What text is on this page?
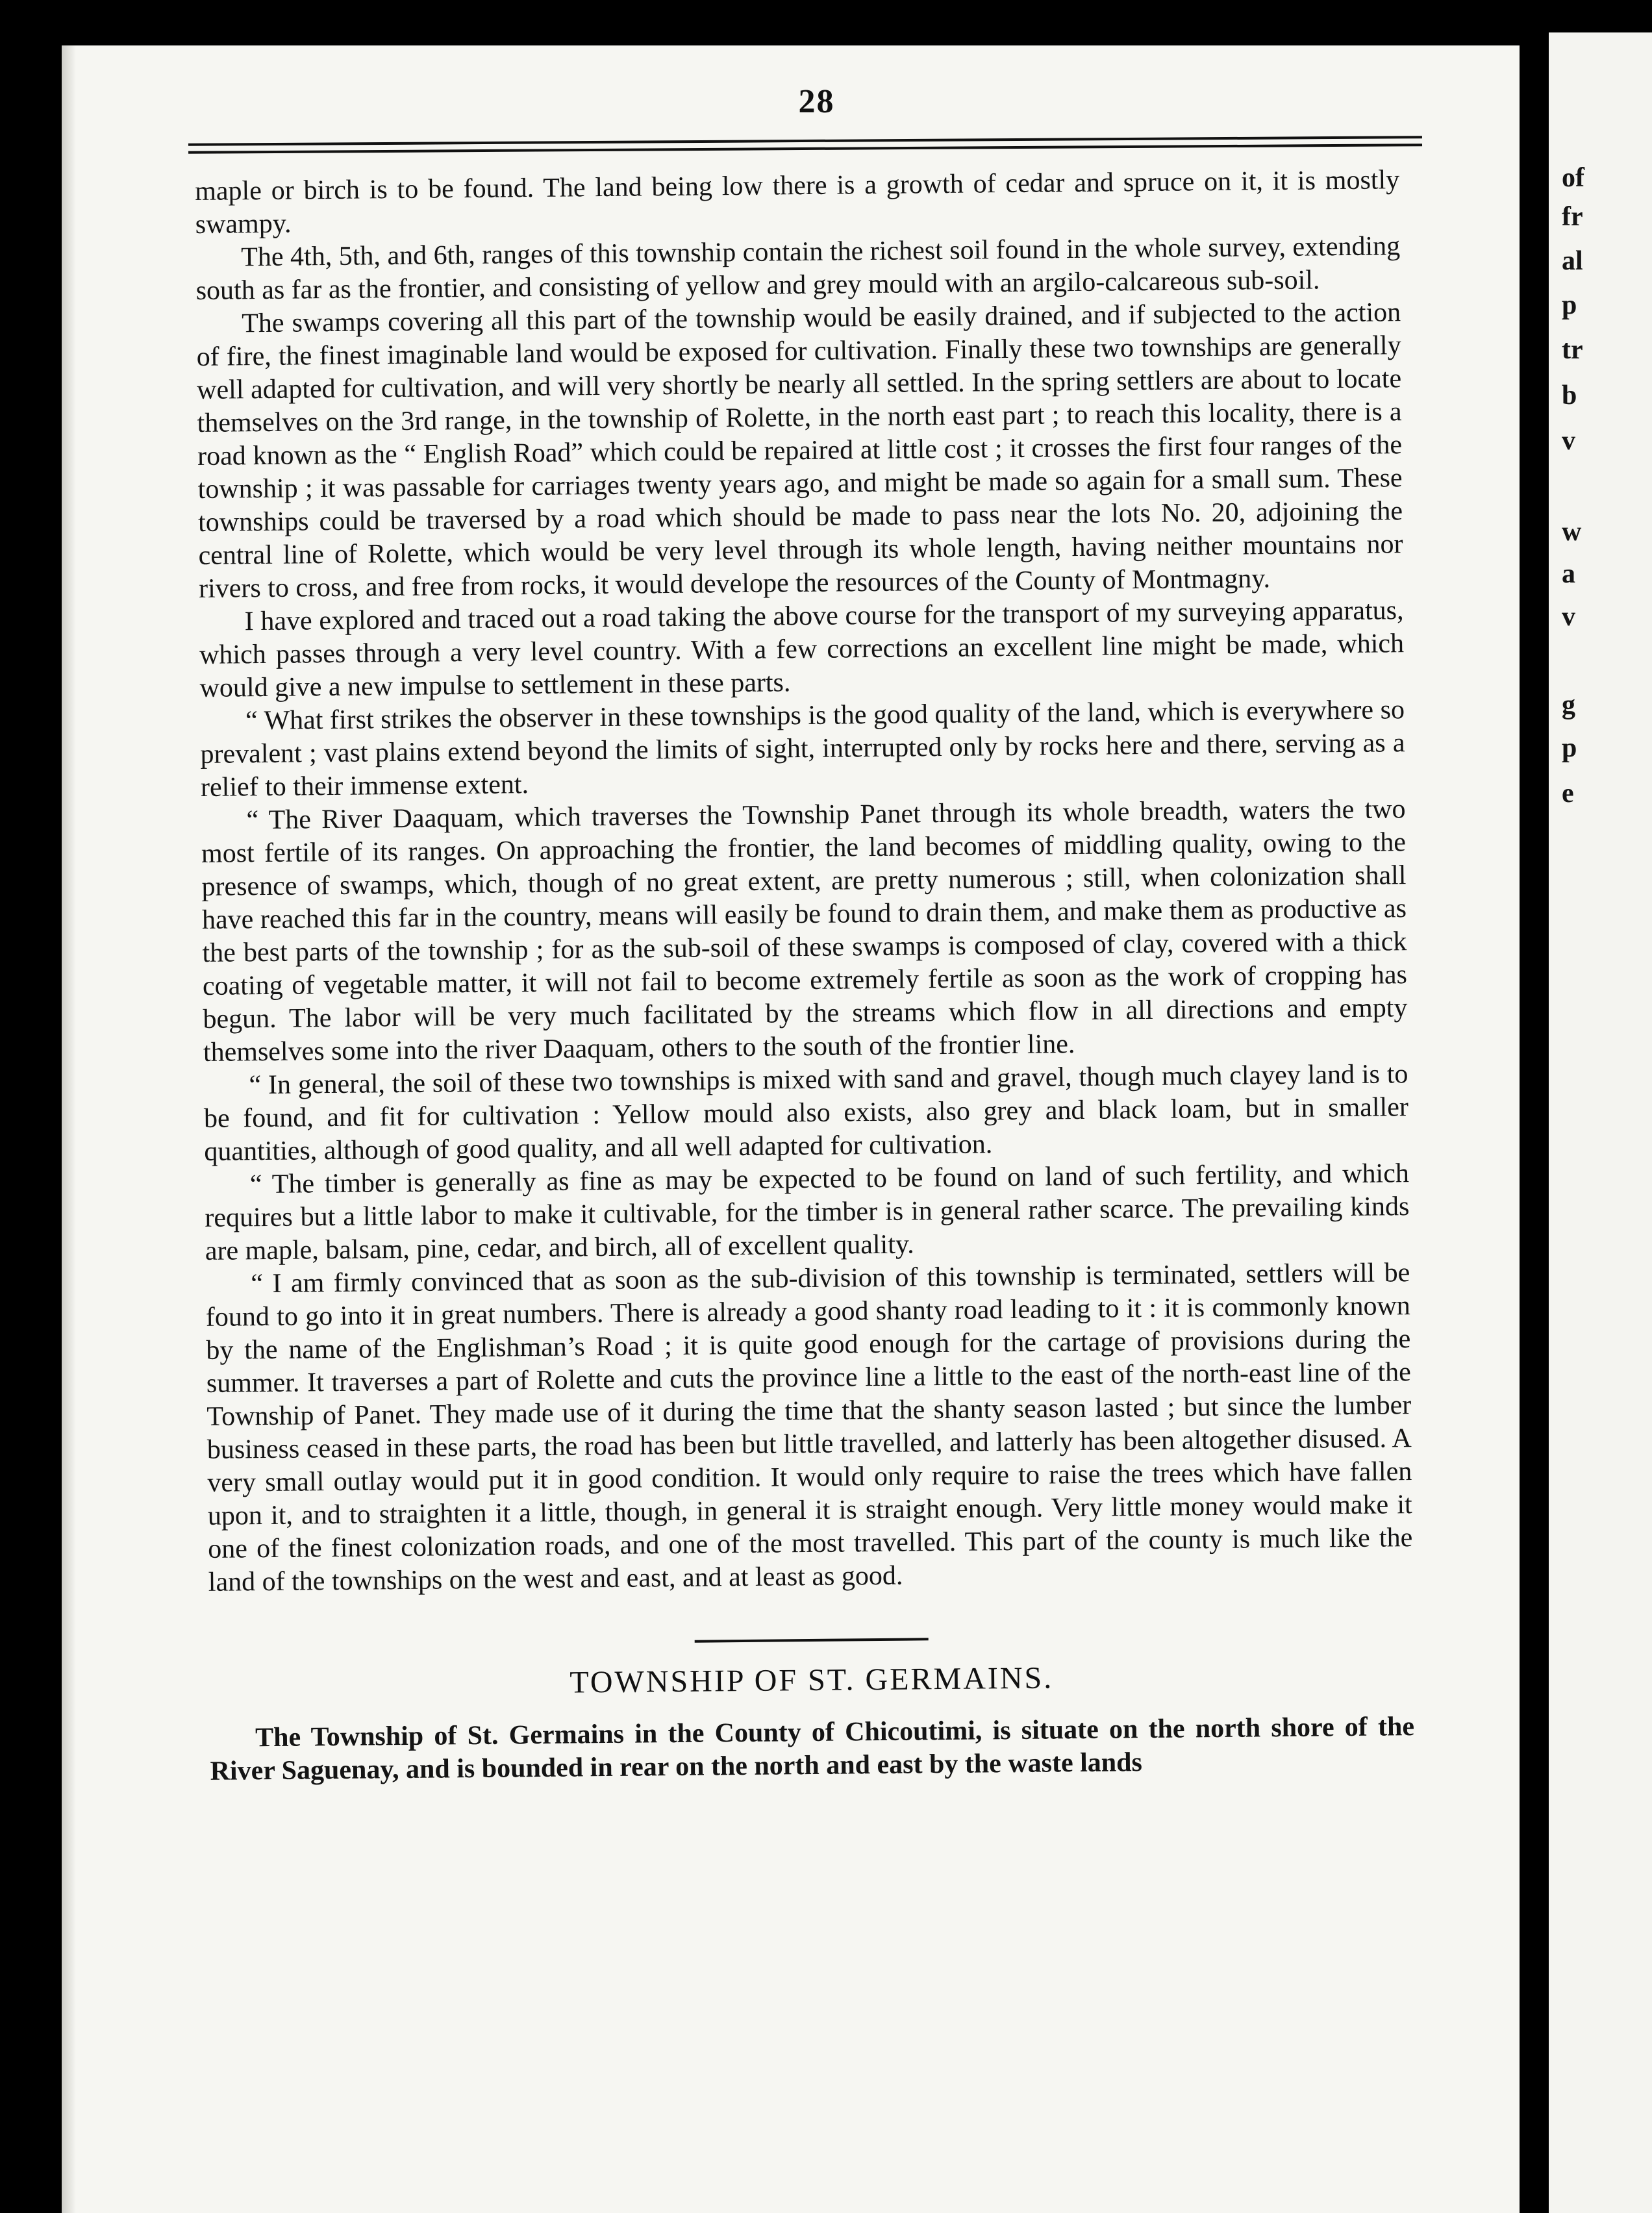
28

maple or birch is to be found. The land being low there is a growth of cedar and spruce on it, it is mostly swampy.

The 4th, 5th, and 6th, ranges of this township contain the richest soil found in the whole survey, extending south as far as the frontier, and consisting of yellow and grey mould with an argilo-calcareous sub-soil.

The swamps covering all this part of the township would be easily drained, and if subjected to the action of fire, the finest imaginable land would be exposed for cultivation. Finally these two townships are generally well adapted for cultivation, and will very shortly be nearly all settled. In the spring settlers are about to locate themselves on the 3rd range, in the township of Rolette, in the north east part ; to reach this locality, there is a road known as the “ English Road” which could be repaired at little cost ; it crosses the first four ranges of the township ; it was passable for carriages twenty years ago, and might be made so again for a small sum. These townships could be traversed by a road which should be made to pass near the lots No. 20, adjoining the central line of Rolette, which would be very level through its whole length, having neither mountains nor rivers to cross, and free from rocks, it would develope the resources of the County of Montmagny.

I have explored and traced out a road taking the above course for the transport of my surveying apparatus, which passes through a very level country. With a few corrections an excellent line might be made, which would give a new impulse to settlement in these parts.

“ What first strikes the observer in these townships is the good quality of the land, which is everywhere so prevalent ; vast plains extend beyond the limits of sight, interrupted only by rocks here and there, serving as a relief to their immense extent.

“ The River Daaquam, which traverses the Township Panet through its whole breadth, waters the two most fertile of its ranges. On approaching the frontier, the land becomes of middling quality, owing to the presence of swamps, which, though of no great extent, are pretty numerous ; still, when colonization shall have reached this far in the country, means will easily be found to drain them, and make them as productive as the best parts of the township ; for as the sub-soil of these swamps is composed of clay, covered with a thick coating of vegetable matter, it will not fail to become extremely fertile as soon as the work of cropping has begun. The labor will be very much facilitated by the streams which flow in all directions and empty themselves some into the river Daaquam, others to the south of the frontier line.

“ In general, the soil of these two townships is mixed with sand and gravel, though much clayey land is to be found, and fit for cultivation : Yellow mould also exists, also grey and black loam, but in smaller quantities, although of good quality, and all well adapted for cultivation.

“ The timber is generally as fine as may be expected to be found on land of such fertility, and which requires but a little labor to make it cultivable, for the timber is in general rather scarce. The prevailing kinds are maple, balsam, pine, cedar, and birch, all of excellent quality.

“ I am firmly convinced that as soon as the sub-division of this township is terminated, settlers will be found to go into it in great numbers. There is already a good shanty road leading to it : it is commonly known by the name of the Englishman’s Road ; it is quite good enough for the cartage of provisions during the summer. It traverses a part of Rolette and cuts the province line a little to the east of the north-east line of the Township of Panet. They made use of it during the time that the shanty season lasted ; but since the lumber business ceased in these parts, the road has been but little travelled, and latterly has been altogether disused. A very small outlay would put it in good condition. It would only require to raise the trees which have fallen upon it, and to straighten it a little, though, in general it is straight enough. Very little money would make it one of the finest colonization roads, and one of the most travelled. This part of the county is much like the land of the townships on the west and east, and at least as good.

TOWNSHIP OF ST. GERMAINS.

The Township of St. Germains in the County of Chicoutimi, is situate on the north shore of the River Saguenay, and is bounded in rear on the north and east by the waste lands

of
fr
al
p
tr
b
v
w
a
v
g
p
e
